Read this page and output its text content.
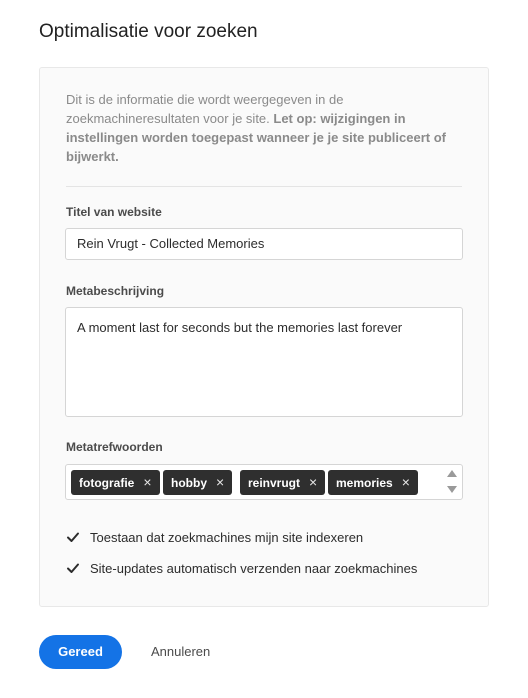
Optimalisatie voor zoeken
Dit is de informatie die wordt weergegeven in de zoekmachineresultaten voor je site. Let op: wijzigingen in instellingen worden toegepast wanneer je je site publiceert of bijwerkt.
Titel van website
Rein Vrugt - Collected Memories
Metabeschrijving
A moment last for seconds but the memories last forever
Metatrefwoorden
fotografie ×	hobby ×	reinvrugt ×	memories ×
Toestaan dat zoekmachines mijn site indexeren
Site-updates automatisch verzenden naar zoekmachines
Gereed	Annuleren
